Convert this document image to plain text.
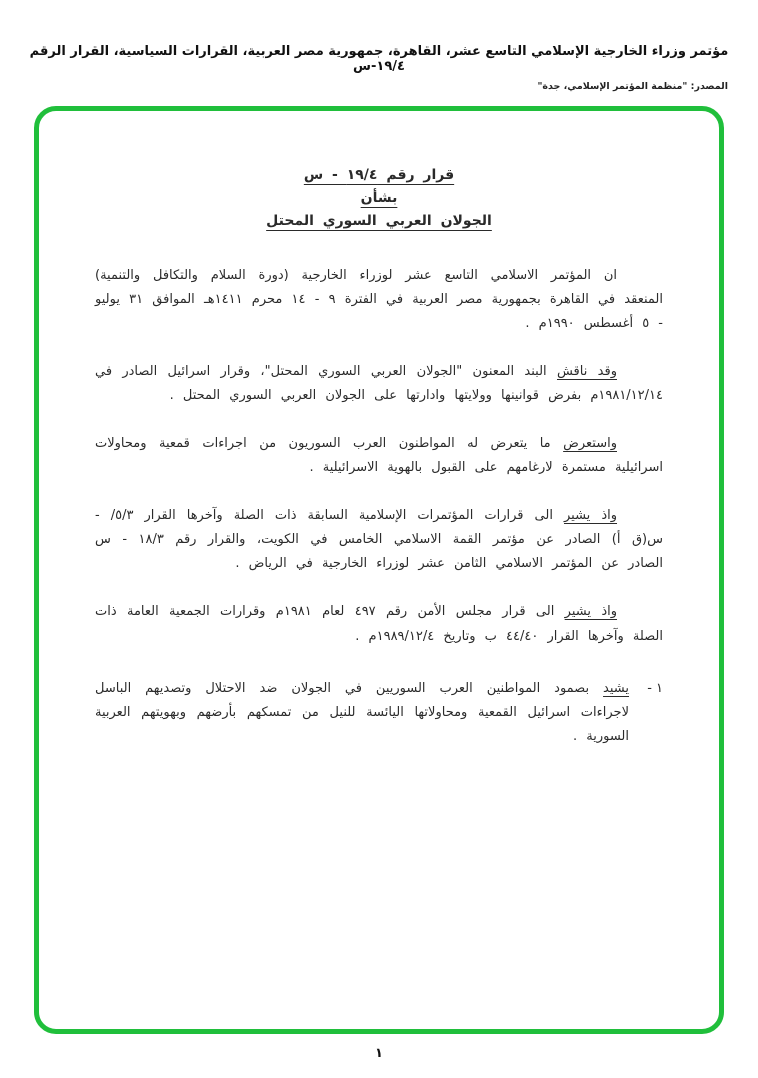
مؤتمر وزراء الخارجية الإسلامي التاسع عشر، القاهرة، جمهورية مصر العربية، القرارات السياسية، القرار الرقم ١٩/٤-س
المصدر: "منظمة المؤتمر الإسلامي، جدة"
قرار رقم ١٩/٤ - س
بشأن
الجولان العربي السوري المحتل

ان المؤتمر الاسلامي التاسع عشر لوزراء الخارجية (دورة السلام والتكافل والتنمية) المنعقد في القاهرة بجمهورية مصر العربية في الفترة ٩ - ١٤ محرم ١٤١١هـ الموافق ٣١ يوليو - ٥ أغسطس ١٩٩٠م .

وقد ناقش البند المعنون "الجولان العربي السوري المحتل"، وقرار اسرائيل الصادر في ١٩٨١/١٢/١٤م بفرض قوانينها وولايتها وادارتها على الجولان العربي السوري المحتل .

واستعرض ما يتعرض له المواطنون العرب السوريون من اجراءات قمعية ومحاولات اسرائيلية مستمرة لارغامهم على القبول بالهوية الاسرائيلية .

واذ يشير الى قرارات المؤتمرات الإسلامية السابقة ذات الصلة وآخرها القرار ٥/٣/ - س(ق أ) الصادر عن مؤتمر القمة الاسلامي الخامس في الكويت، والقرار رقم ١٨/٣ - س الصادر عن المؤتمر الاسلامي الثامن عشر لوزراء الخارجية في الرياض .

واذ يشير الى قرار مجلس الأمن رقم ٤٩٧ لعام ١٩٨١م وقرارات الجمعية العامة ذات الصلة وآخرها القرار ٤٤/٤٠ ب وتاريخ ١٩٨٩/١٢/٤م .

١ -
يشيد بصمود المواطنين العرب السوريين في الجولان ضد الاحتلال وتصديهم الباسل لاجراءات اسرائيل القمعية ومحاولاتها اليائسة للنيل من تمسكهم بأرضهم وبهويتهم العربية السورية .
١
